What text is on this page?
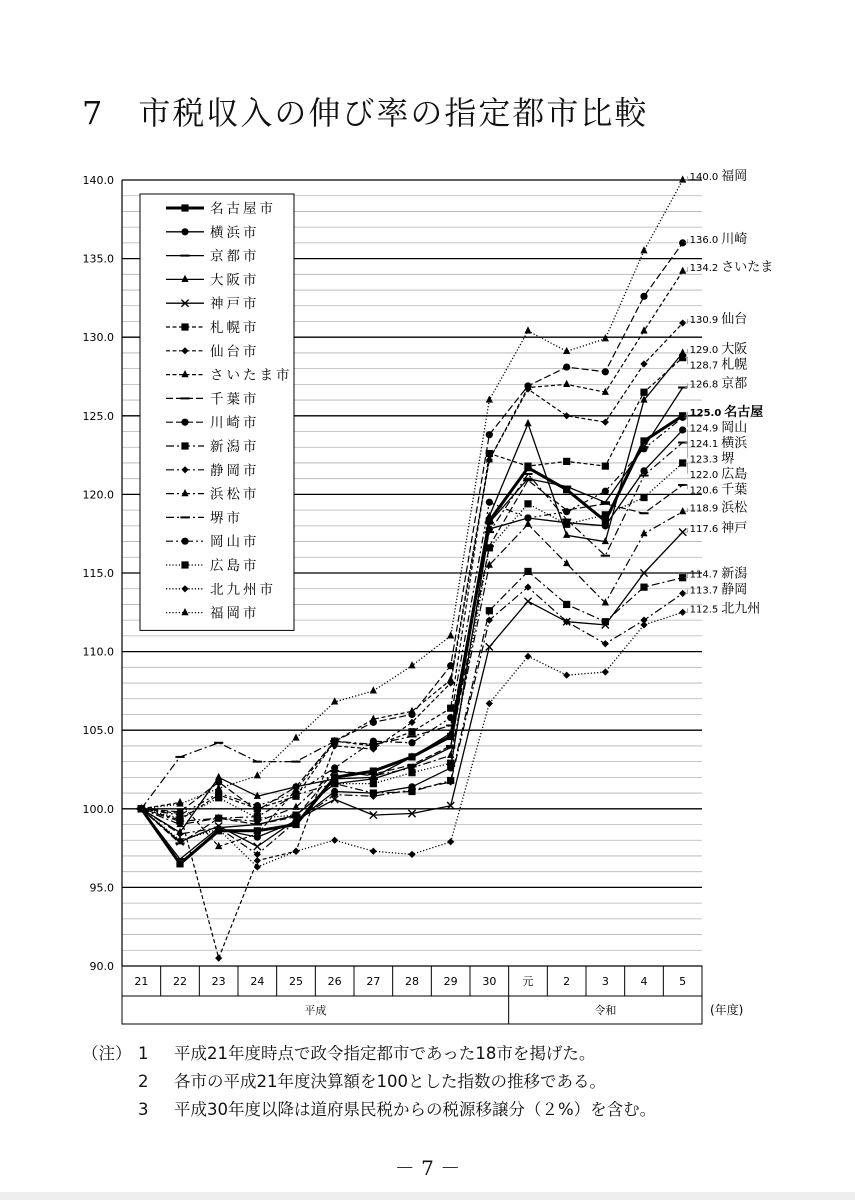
7 市税収入の伸び率の指定都市比較
90.0
95.0
100.0
105.0
110.0
115.0
120.0
125.0
130.0
135.0
140.0
21 22 23 24 25 26 27 28 29 30 元	2	3	4	5
平成	令和	(年度)
140.0 福岡
136.0 川崎
134.2 さいたま
130.9 仙台
129.0 大阪
128.7 札幌
126.8 京都
125.0 名古屋
124.9 岡山
124.1 横浜
123.3 堺
122.0 広島
120.6 千葉
118.9 浜松
117.6 神戸
114.7 新潟
113.7 静岡
112.5 北九州
名古屋市
横浜市
京都市
大阪市
神戸市
札幌市
仙台市
さいたま市
千葉市
川崎市
新潟市
静岡市
浜松市
堺市
岡山市
広島市
北九州市
福岡市
（注） 1	平成21年度時点で政令指定都市であった18市を掲げた。
2	各市の平成21年度決算額を100とした指数の推移である。
3	平成30年度以降は道府県民税からの税源移譲分（２%）を含む。
－ 7 －
